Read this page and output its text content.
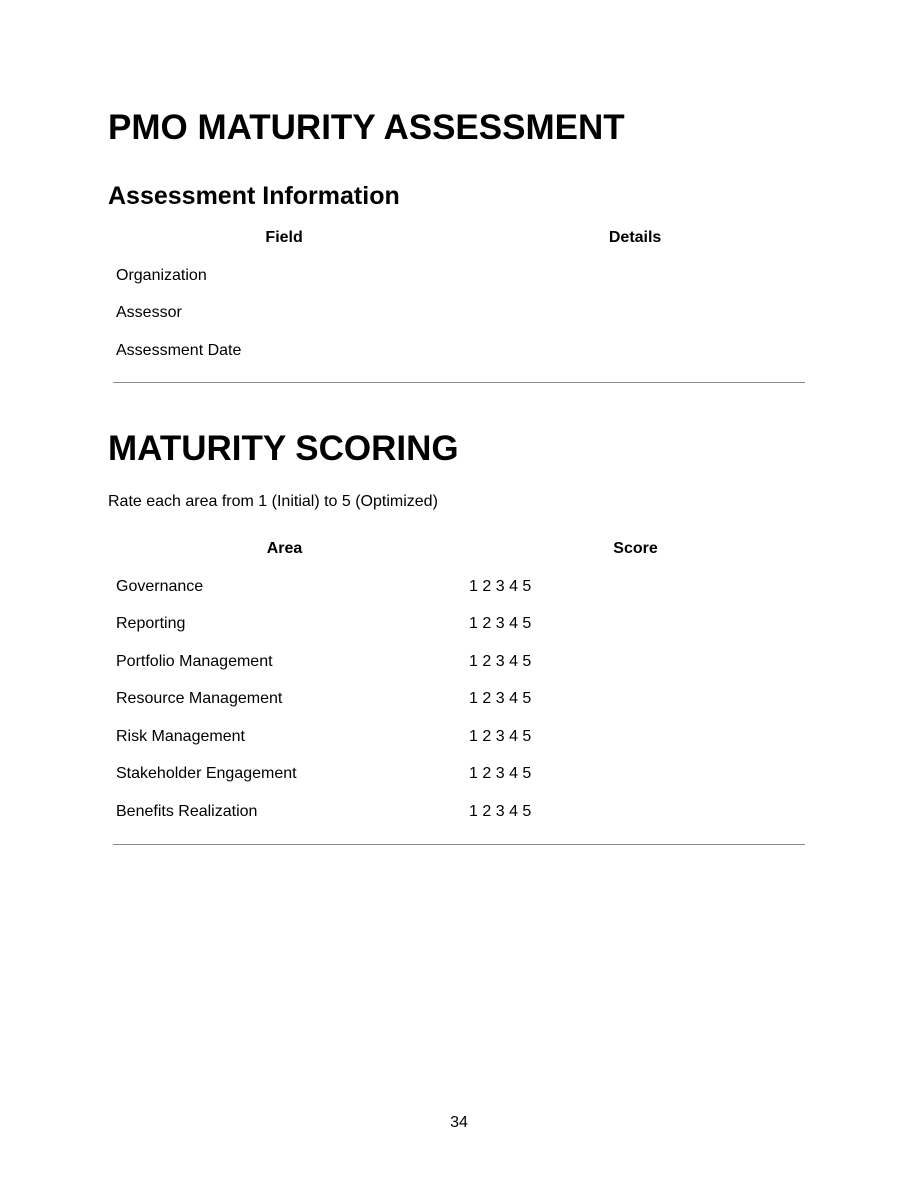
PMO MATURITY ASSESSMENT
Assessment Information
Field	Details
Organization	
Assessor	
Assessment Date	
MATURITY SCORING

Rate each area from 1 (Initial) to 5 (Optimized)

Area	Score
Governance	1 2 3 4 5
Reporting	1 2 3 4 5
Portfolio Management	1 2 3 4 5
Resource Management	1 2 3 4 5
Risk Management	1 2 3 4 5
Stakeholder Engagement	1 2 3 4 5
Benefits Realization	1 2 3 4 5
34
